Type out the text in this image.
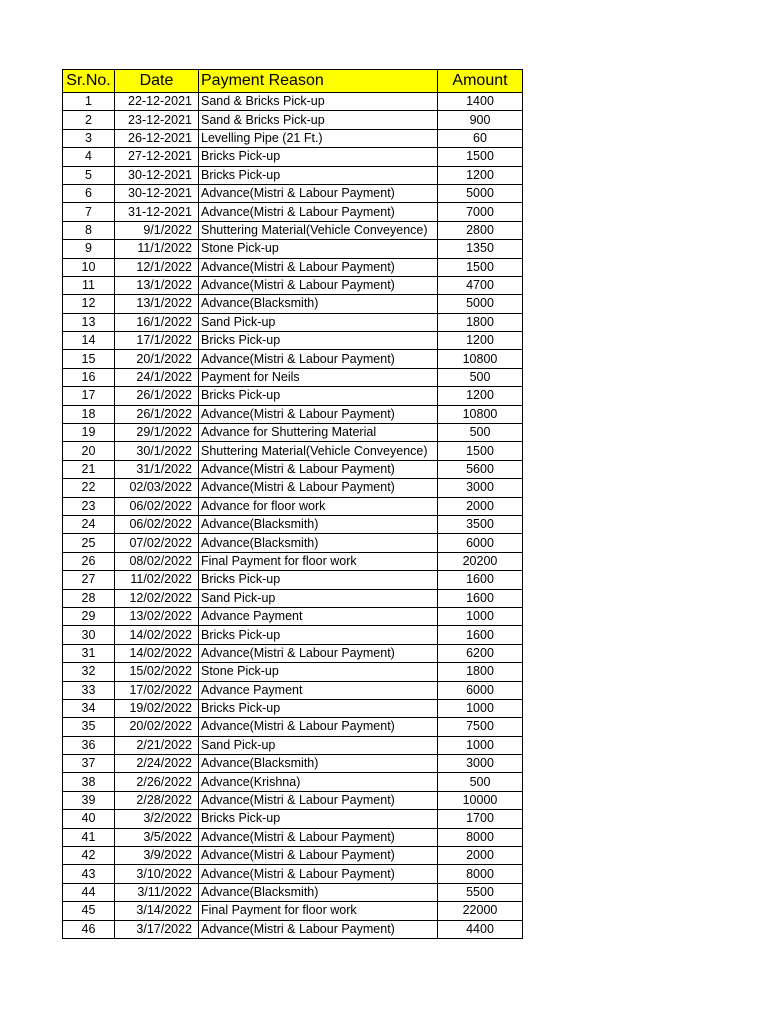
Sr.No.	Date	Payment Reason	Amount
1	22-12-2021	Sand & Bricks Pick-up	1400
2	23-12-2021	Sand & Bricks Pick-up	900
3	26-12-2021	Levelling Pipe (21 Ft.)	60
4	27-12-2021	Bricks Pick-up	1500
5	30-12-2021	Bricks Pick-up	1200
6	30-12-2021	Advance(Mistri & Labour Payment)	5000
7	31-12-2021	Advance(Mistri & Labour Payment)	7000
8	9/1/2022	Shuttering Material(Vehicle Conveyence)	2800
9	11/1/2022	Stone Pick-up	1350
10	12/1/2022	Advance(Mistri & Labour Payment)	1500
11	13/1/2022	Advance(Mistri & Labour Payment)	4700
12	13/1/2022	Advance(Blacksmith)	5000
13	16/1/2022	Sand Pick-up	1800
14	17/1/2022	Bricks Pick-up	1200
15	20/1/2022	Advance(Mistri & Labour Payment)	10800
16	24/1/2022	Payment for Neils	500
17	26/1/2022	Bricks Pick-up	1200
18	26/1/2022	Advance(Mistri & Labour Payment)	10800
19	29/1/2022	Advance for Shuttering Material	500
20	30/1/2022	Shuttering Material(Vehicle Conveyence)	1500
21	31/1/2022	Advance(Mistri & Labour Payment)	5600
22	02/03/2022	Advance(Mistri & Labour Payment)	3000
23	06/02/2022	Advance for floor work	2000
24	06/02/2022	Advance(Blacksmith)	3500
25	07/02/2022	Advance(Blacksmith)	6000
26	08/02/2022	Final Payment for floor work	20200
27	11/02/2022	Bricks Pick-up	1600
28	12/02/2022	Sand Pick-up	1600
29	13/02/2022	Advance Payment	1000
30	14/02/2022	Bricks Pick-up	1600
31	14/02/2022	Advance(Mistri & Labour Payment)	6200
32	15/02/2022	Stone Pick-up	1800
33	17/02/2022	Advance Payment	6000
34	19/02/2022	Bricks Pick-up	1000
35	20/02/2022	Advance(Mistri & Labour Payment)	7500
36	2/21/2022	Sand Pick-up	1000
37	2/24/2022	Advance(Blacksmith)	3000
38	2/26/2022	Advance(Krishna)	500
39	2/28/2022	Advance(Mistri & Labour Payment)	10000
40	3/2/2022	Bricks Pick-up	1700
41	3/5/2022	Advance(Mistri & Labour Payment)	8000
42	3/9/2022	Advance(Mistri & Labour Payment)	2000
43	3/10/2022	Advance(Mistri & Labour Payment)	8000
44	3/11/2022	Advance(Blacksmith)	5500
45	3/14/2022	Final Payment for floor work	22000
46	3/17/2022	Advance(Mistri & Labour Payment)	4400
